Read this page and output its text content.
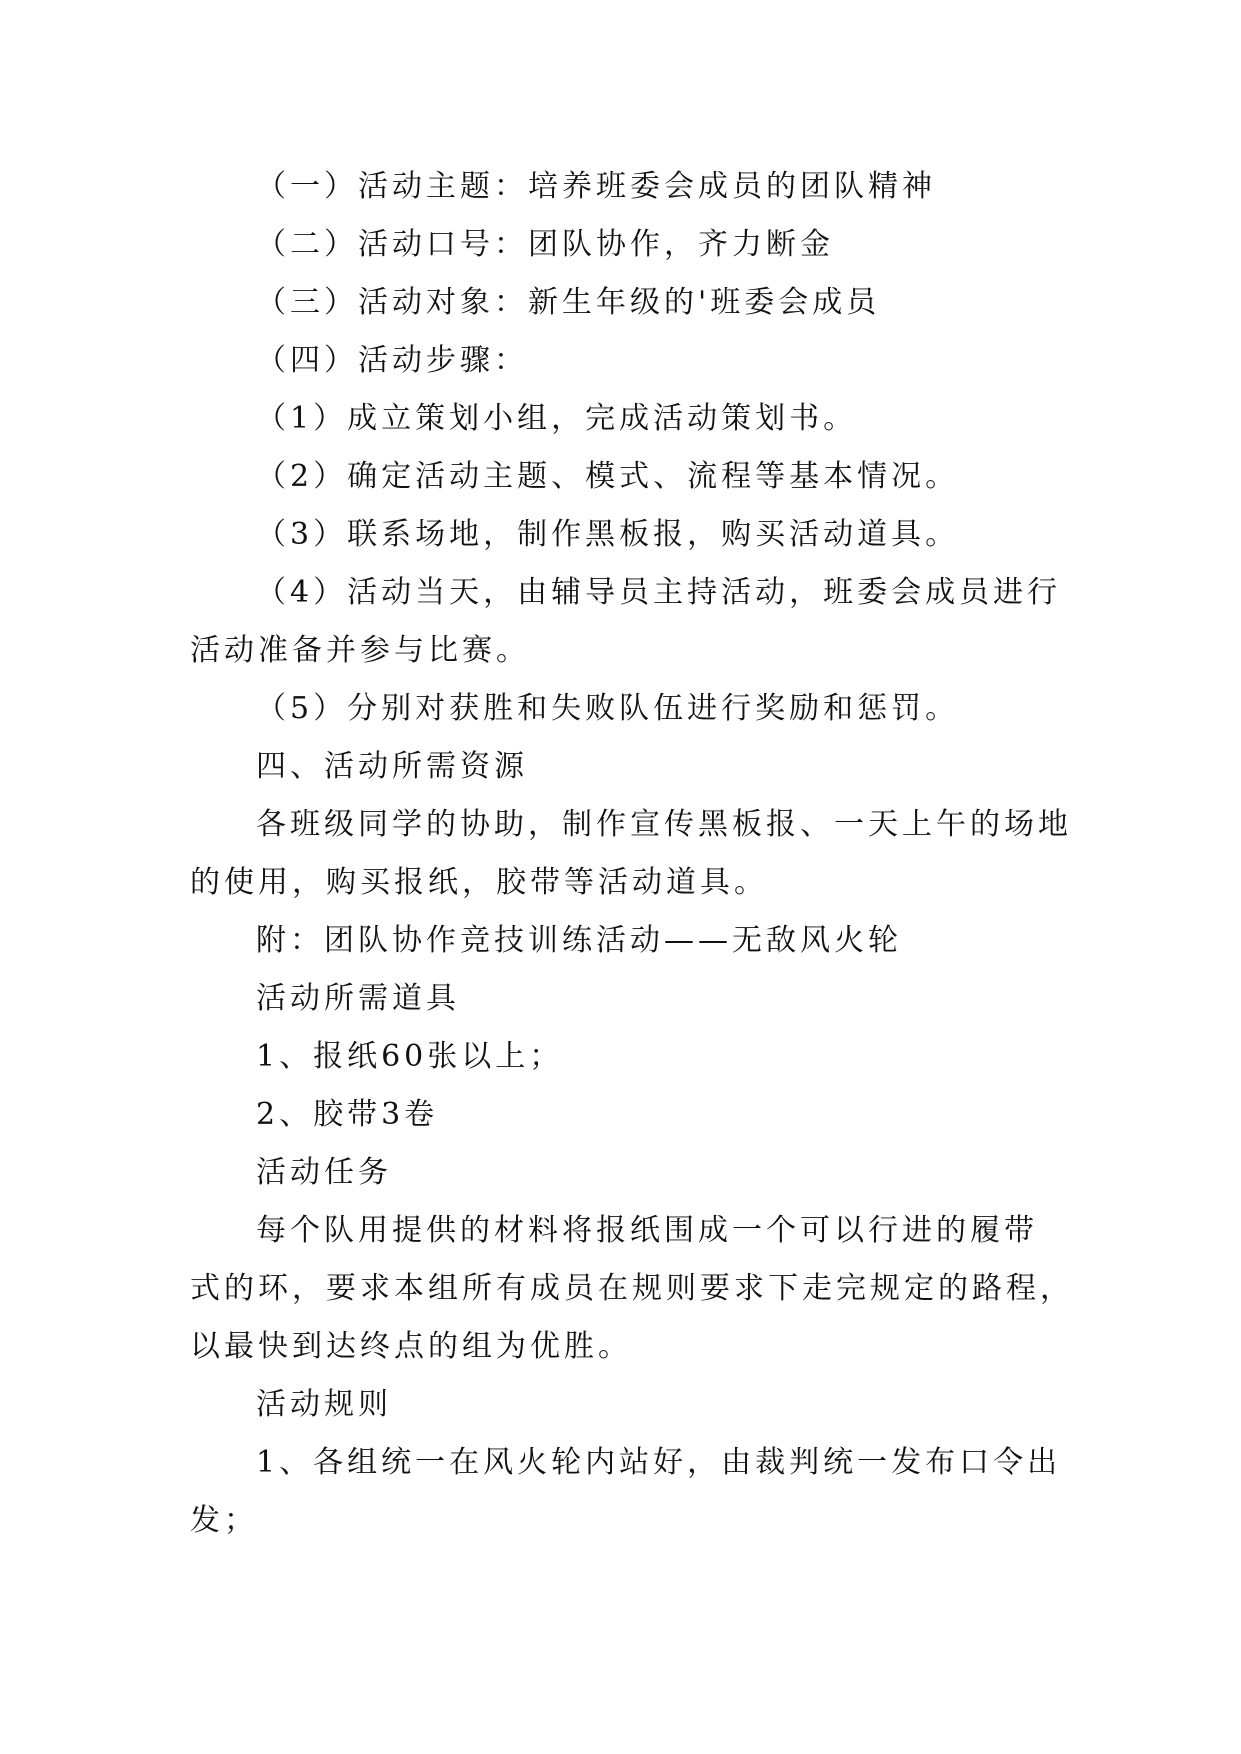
（一）活动主题：培养班委会成员的团队精神
（二）活动口号：团队协作，齐力断金
（三）活动对象：新生年级的'班委会成员
（四）活动步骤：
（1）成立策划小组，完成活动策划书。
（2）确定活动主题、模式、流程等基本情况。
（3）联系场地，制作黑板报，购买活动道具。
（4）活动当天，由辅导员主持活动，班委会成员进行
活动准备并参与比赛。
（5）分别对获胜和失败队伍进行奖励和惩罚。
四、活动所需资源
各班级同学的协助，制作宣传黑板报、一天上午的场地
的使用，购买报纸，胶带等活动道具。
附：团队协作竞技训练活动——无敌风火轮
活动所需道具
1、报纸60张以上；
2、胶带3卷
活动任务
每个队用提供的材料将报纸围成一个可以行进的履带
式的环，要求本组所有成员在规则要求下走完规定的路程，
以最快到达终点的组为优胜。
活动规则
1、各组统一在风火轮内站好，由裁判统一发布口令出
发；
